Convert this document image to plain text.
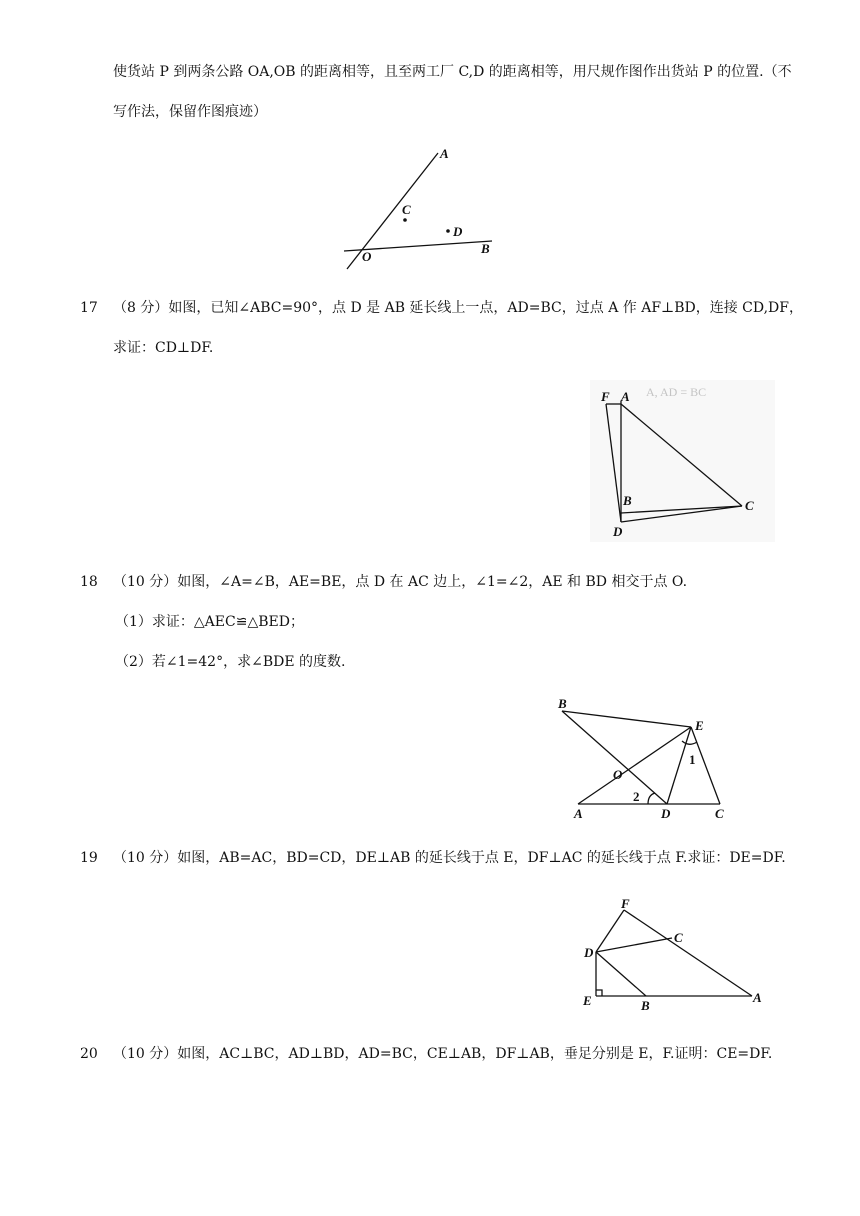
使货站 P 到两条公路 OA,OB 的距离相等，且至两工厂 C,D 的距离相等，用尺规作图作出货站 P 的位置.（不
写作法，保留作图痕迹）
A
C
D
O
B
17 （8 分）如图，已知∠ABC=90°，点 D 是 AB 延长线上一点，AD=BC，过点 A 作 AF⊥BD，连接 CD,DF，
求证：CD⊥DF.
A, AD = BC
F A
B	C
D
18 （10 分）如图，∠A=∠B，AE=BE，点 D 在 AC 边上，∠1=∠2，AE 和 BD 相交于点 O.
（1）求证：△AEC≌△BED；
（2）若∠1=42°，求∠BDE 的度数.
B
E
O
1
2
A	D	C
19 （10 分）如图，AB=AC，BD=CD，DE⊥AB 的延长线于点 E，DF⊥AC 的延长线于点 F.求证：DE=DF.
F
C
D
E	B
A
20 （10 分）如图，AC⊥BC，AD⊥BD，AD=BC，CE⊥AB，DF⊥AB，垂足分别是 E，F.证明：CE=DF.
